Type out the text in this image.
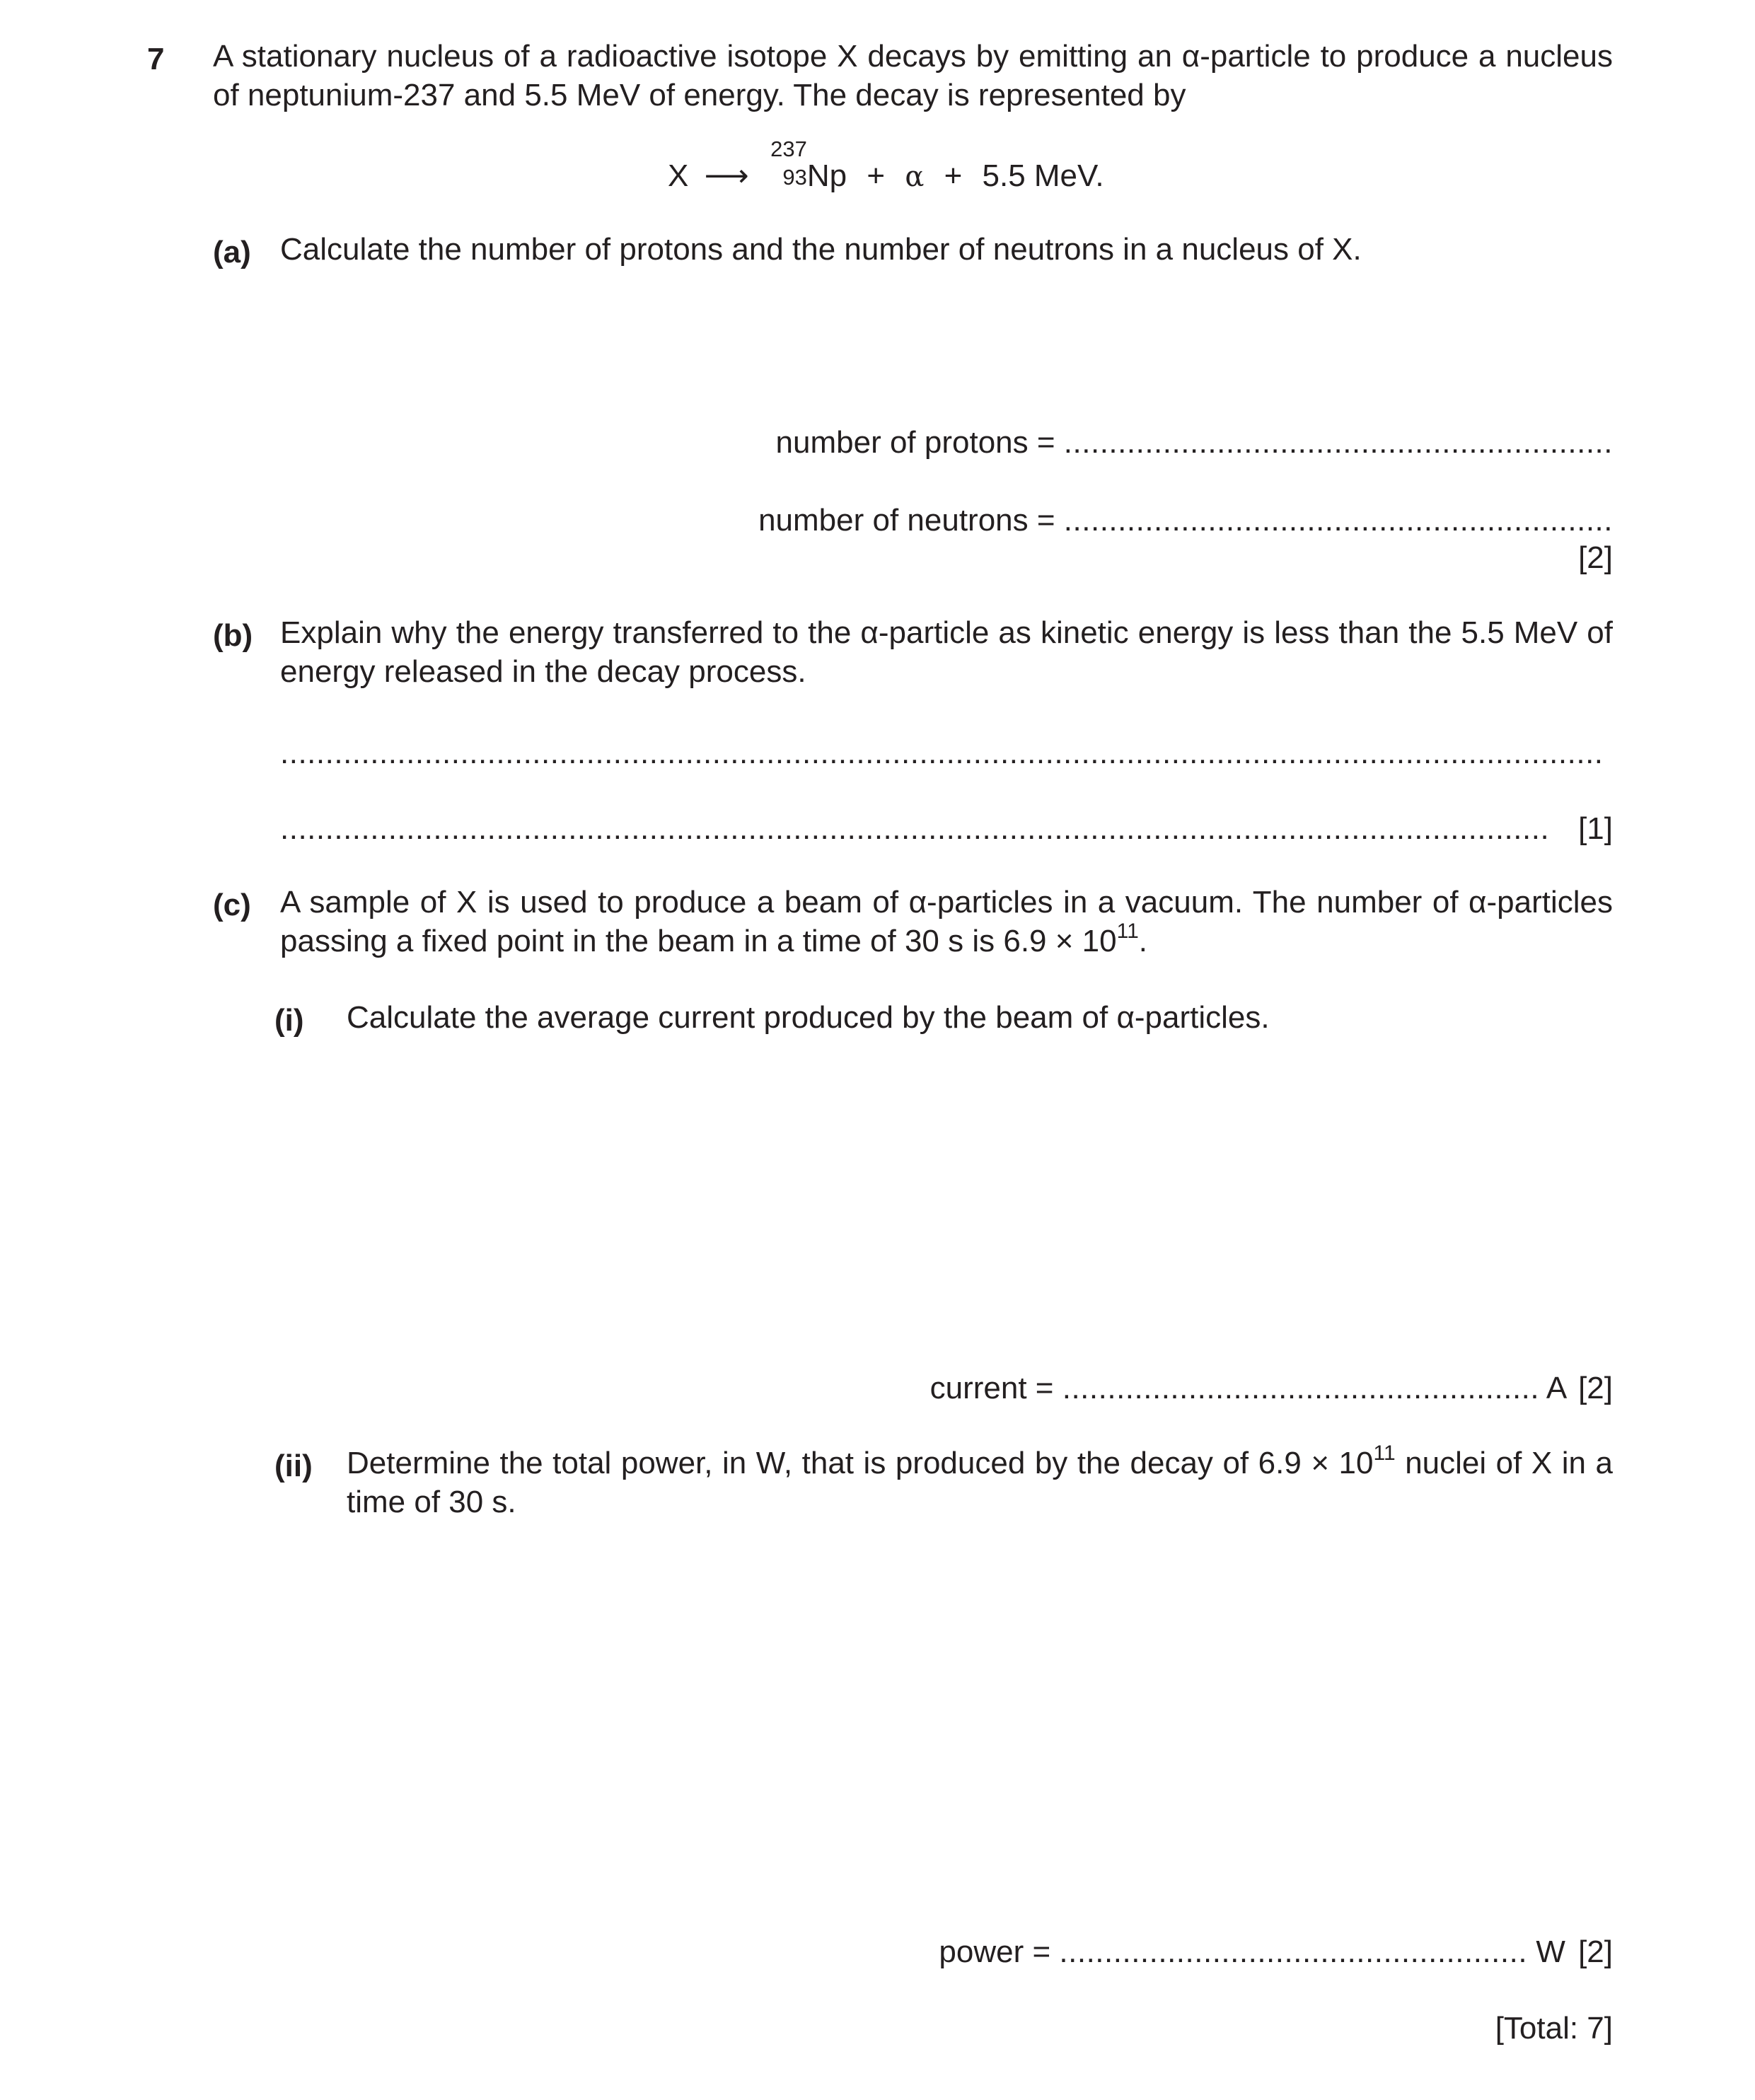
7 A stationary nucleus of a radioactive isotope X decays by emitting an α-particle to produce a nucleus of neptunium-237 and 5.5 MeV of energy. The decay is represented by
X ⟶
237
93 Np + α + 5.5 MeV.
(a) Calculate the number of protons and the number of neutrons in a nucleus of X.
number of protons = .............................................................
number of neutrons = .............................................................
[2]
(b) Explain why the energy transferred to the α-particle as kinetic energy is less than the 5.5 MeV of energy released in the decay process.
...................................................................................................................................................
............................................................................................................................................. [1]
(c) A sample of X is used to produce a beam of α-particles in a vacuum. The number of α-particles passing a fixed point in the beam in a time of 30 s is $6.9 \times 10^{11}$.
(i) Calculate the average current produced by the beam of α-particles.
current = ..................................................... A [2]
(ii) Determine the total power, in W, that is produced by the decay of $6.9 \times 10^{11}$ nuclei of X in a time of 30 s.
power = .................................................... W [2]
[Total: 7]
